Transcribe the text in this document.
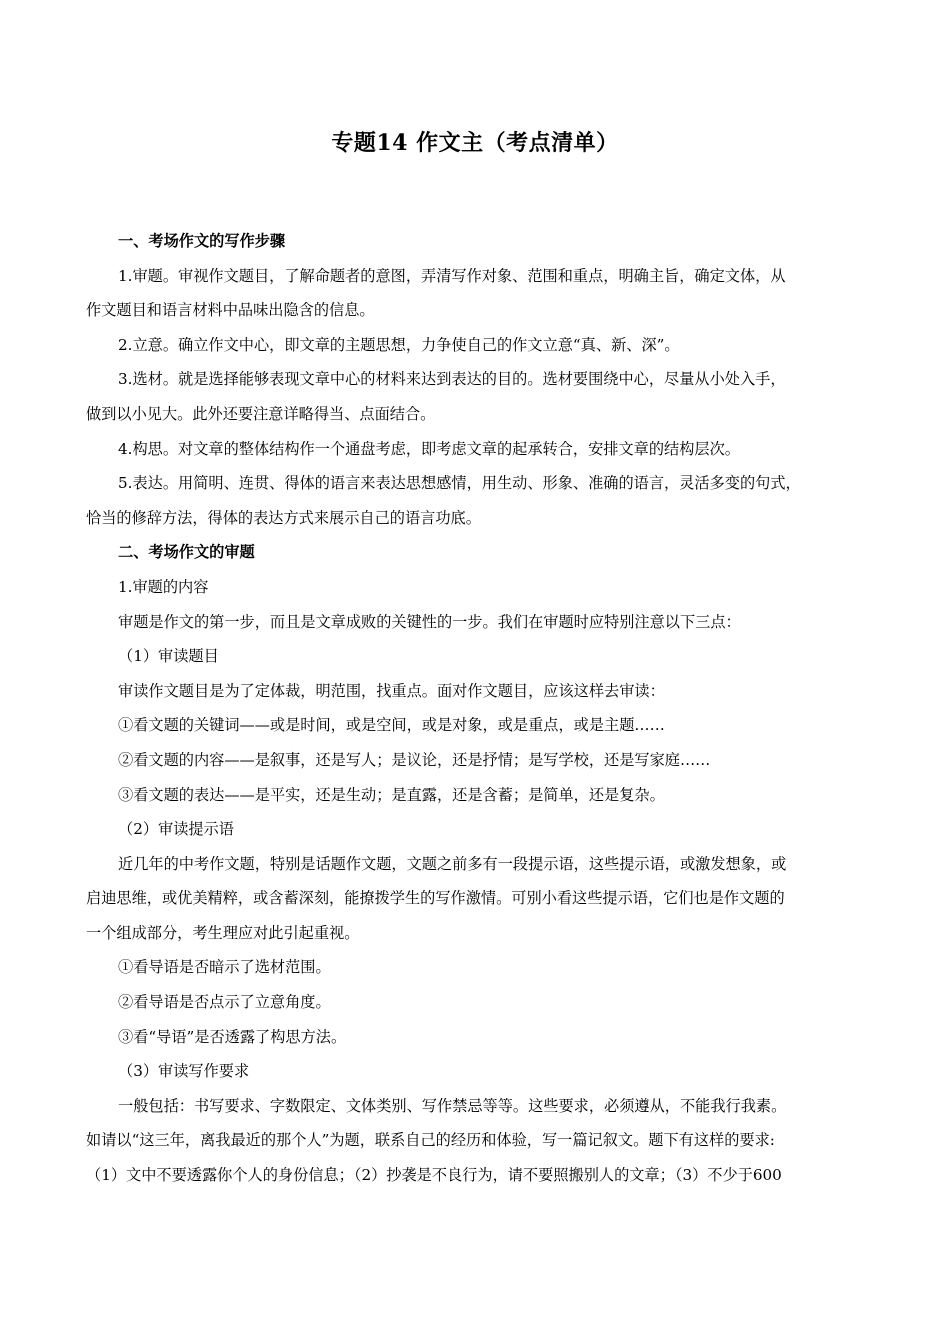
专题14 作文主（考点清单）
一、考场作文的写作步骤
1.审题。审视作文题目，了解命题者的意图，弄清写作对象、范围和重点，明确主旨，确定文体，从
作文题目和语言材料中品味出隐含的信息。
2.立意。确立作文中心，即文章的主题思想，力争使自己的作文立意“真、新、深”。
3.选材。就是选择能够表现文章中心的材料来达到表达的目的。选材要围绕中心，尽量从小处入手，
做到以小见大。此外还要注意详略得当、点面结合。
4.构思。对文章的整体结构作一个通盘考虑，即考虑文章的起承转合，安排文章的结构层次。
5.表达。用简明、连贯、得体的语言来表达思想感情，用生动、形象、准确的语言，灵活多变的句式，
恰当的修辞方法，得体的表达方式来展示自己的语言功底。
二、考场作文的审题
1.审题的内容
审题是作文的第一步，而且是文章成败的关键性的一步。我们在审题时应特别注意以下三点：
（1）审读题目
审读作文题目是为了定体裁，明范围，找重点。面对作文题目，应该这样去审读：
①看文题的关键词——或是时间，或是空间，或是对象，或是重点，或是主题……
②看文题的内容——是叙事，还是写人；是议论，还是抒情；是写学校，还是写家庭……
③看文题的表达——是平实，还是生动；是直露，还是含蓄；是简单，还是复杂。
（2）审读提示语
近几年的中考作文题，特别是话题作文题，文题之前多有一段提示语，这些提示语，或激发想象，或
启迪思维，或优美精粹，或含蓄深刻，能撩拨学生的写作激情。可别小看这些提示语，它们也是作文题的
一个组成部分，考生理应对此引起重视。
①看导语是否暗示了选材范围。
②看导语是否点示了立意角度。
③看“导语”是否透露了构思方法。
（3）审读写作要求
一般包括：书写要求、字数限定、文体类别、写作禁忌等等。这些要求，必须遵从，不能我行我素。
如请以“这三年，离我最近的那个人”为题，联系自己的经历和体验，写一篇记叙文。题下有这样的要求:
（1）文中不要透露你个人的身份信息；（2）抄袭是不良行为，请不要照搬别人的文章；（3）不少于600
